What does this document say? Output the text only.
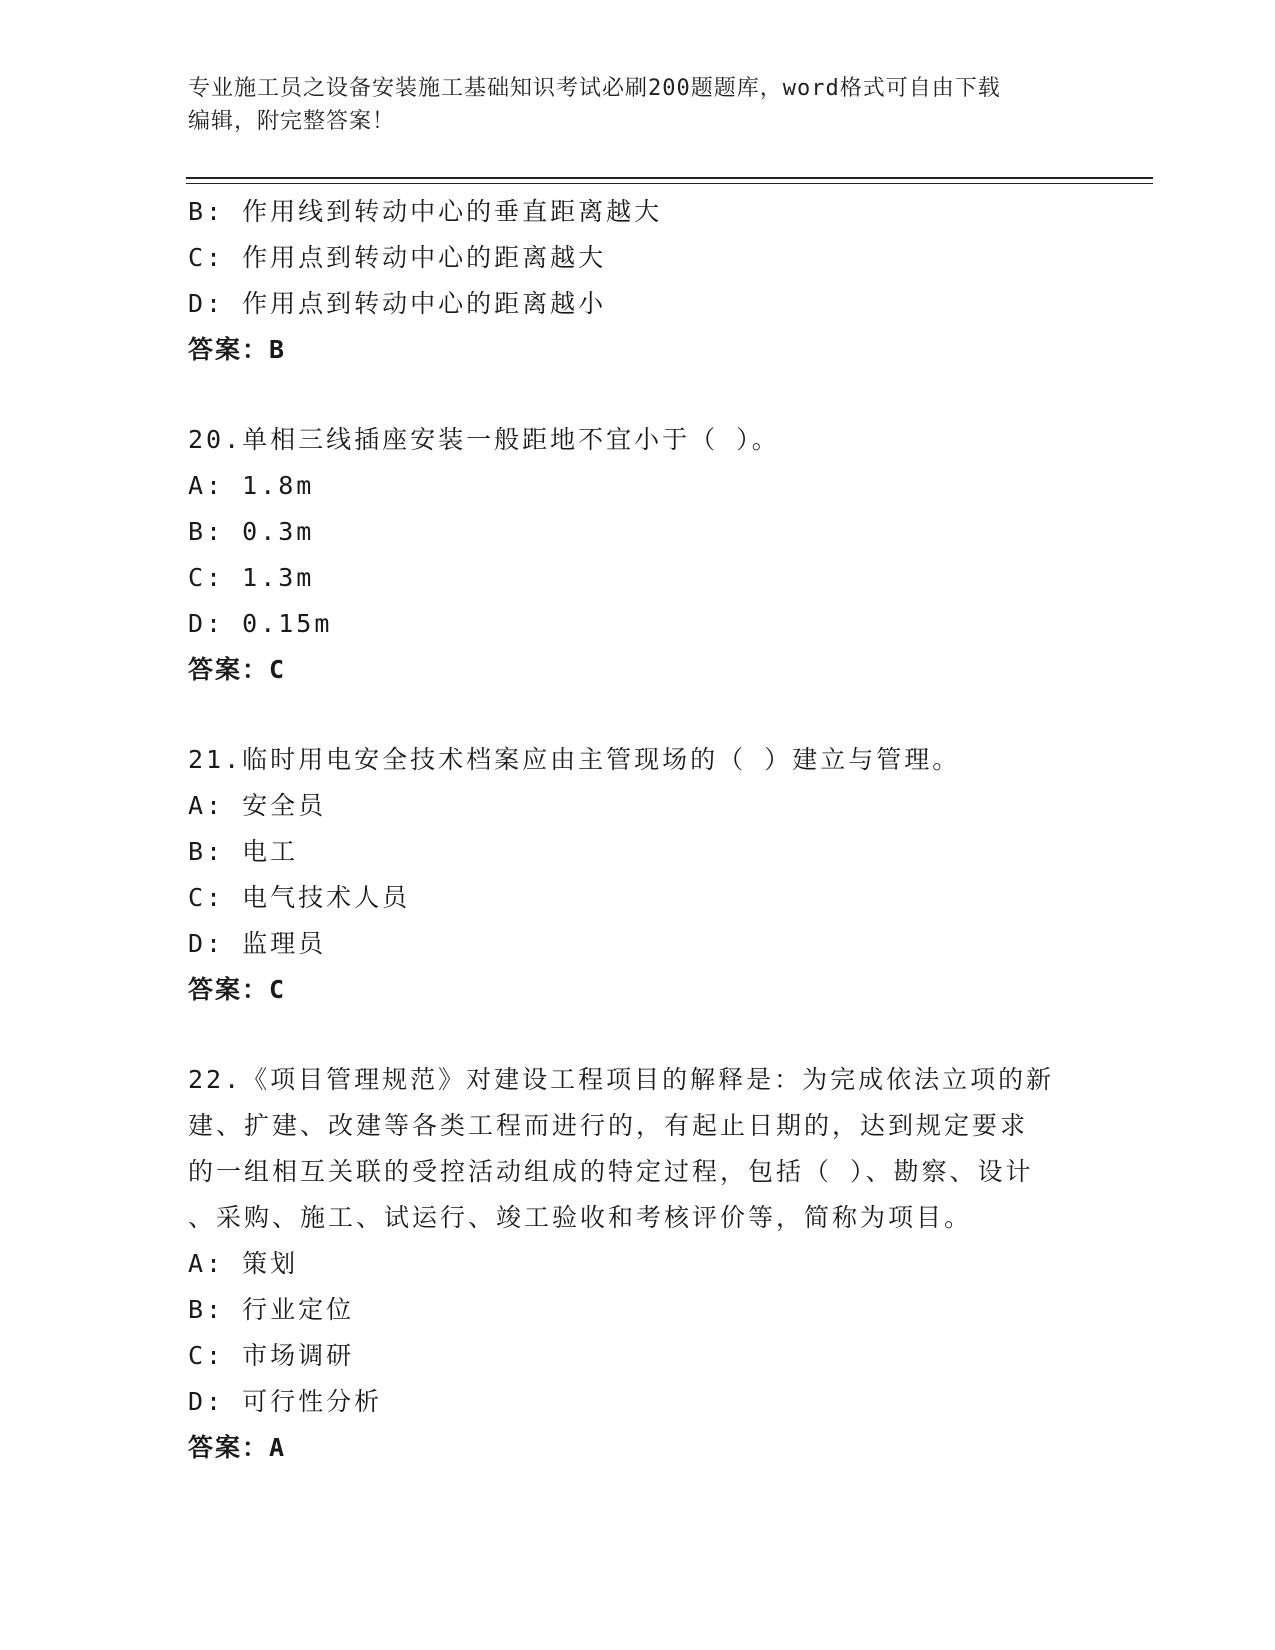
专业施工员之设备安装施工基础知识考试必刷200题题库，word格式可自由下载
编辑，附完整答案！
B: 作用线到转动中心的垂直距离越大
C: 作用点到转动中心的距离越大
D: 作用点到转动中心的距离越小
答案：B
20.单相三线插座安装一般距地不宜小于（ ）。
A: 1.8m
B: 0.3m
C: 1.3m
D: 0.15m
答案：C
21.临时用电安全技术档案应由主管现场的（ ）建立与管理。
A: 安全员
B: 电工
C: 电气技术人员
D: 监理员
答案：C
22.《项目管理规范》对建设工程项目的解释是：为完成依法立项的新
建、扩建、改建等各类工程而进行的，有起止日期的，达到规定要求
的一组相互关联的受控活动组成的特定过程，包括（ ）、勘察、设计
、采购、施工、试运行、竣工验收和考核评价等，简称为项目。
A: 策划
B: 行业定位
C: 市场调研
D: 可行性分析
答案：A
